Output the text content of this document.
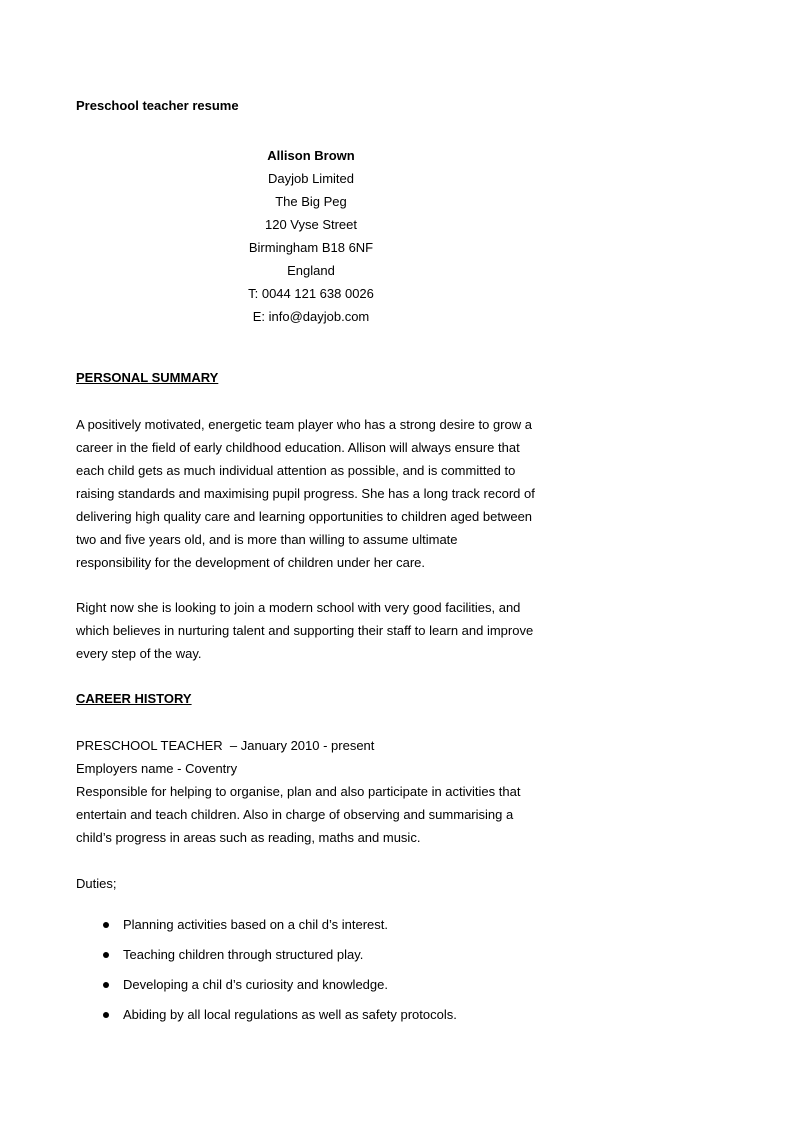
Preschool teacher resume
Allison Brown
Dayjob Limited
The Big Peg
120 Vyse Street
Birmingham B18 6NF
England
T: 0044 121 638 0026
E: info@dayjob.com
PERSONAL SUMMARY

A positively motivated, energetic team player who has a strong desire to grow a
career in the field of early childhood education. Allison will always ensure that
each child gets as much individual attention as possible, and is committed to
raising standards and maximising pupil progress. She has a long track record of
delivering high quality care and learning opportunities to children aged between
two and five years old, and is more than willing to assume ultimate
responsibility for the development of children under her care.

Right now she is looking to join a modern school with very good facilities, and
which believes in nurturing talent and supporting their staff to learn and improve
every step of the way.

CAREER HISTORY

PRESCHOOL TEACHER  – January 2010 - present
Employers name - Coventry
Responsible for helping to organise, plan and also participate in activities that
entertain and teach children. Also in charge of observing and summarising a
child’s progress in areas such as reading, maths and music.

Duties;

Planning activities based on a chil d’s interest.
Teaching children through structured play.
Developing a chil d’s curiosity and knowledge.
Abiding by all local regulations as well as safety protocols.
